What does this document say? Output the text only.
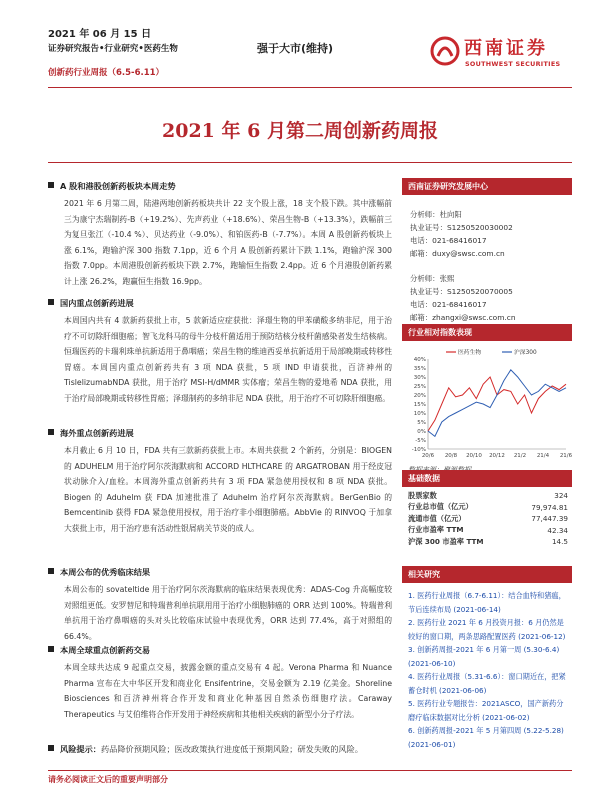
2021 年 06 月 15 日
证券研究报告•行业研究•医药生物
创新药行业周报（6.5-6.11）
强于大市(维持)	西南证券
SOUTHWEST SECURITIES
2021 年 6 月第二周创新药周报
A 股和港股创新药板块本周走势
2021 年 6 月第二周，陆港两地创新药板块共计 22 支个股上涨，18 支个股下跌。其中涨幅前三为康宁杰瑞制药-B（+19.2%）、先声药业（+18.6%）、荣昌生物-B（+13.3%），跌幅前三为复旦张江（-10.4 %）、贝达药业（-9.0%）、和铂医药-B（-7.7%）。本周 A 股创新药板块上涨 6.1%，跑输沪深 300 指数 7.1pp，近 6 个月 A 股创新药累计下跌 1.1%，跑输沪深 300 指数 7.0pp。本周港股创新药板块下跌 2.7%，跑输恒生指数 2.4pp。近 6 个月港股创新药累计上涨 26.2%，跑赢恒生指数 16.9pp。
国内重点创新药进展
本周国内共有 4 款新药获批上市，5 款新适应症获批：泽璟生物的甲苯磺酸多纳非尼，用于治疗不可切除肝细胞癌；智飞龙科马的母牛分枝杆菌适用于预防结核分枝杆菌感染者发生结核病。恒瑞医药的卡瑞利珠单抗新适用于鼻咽癌；荣昌生物的维迪西妥单抗新适用于局部晚期或转移性胃癌。本周国内重点创新药共有 3 项 NDA 获批，5 项 IND 申请获批，百济神州的 TislelizumabNDA 获批，用于治疗 MSI-H/dMMR 实体瘤；荣昌生物的爱地希 NDA 获批，用于治疗局部晚期或转移性胃癌；泽璟制药的多纳非尼 NDA 获批，用于治疗不可切除肝细胞癌。
海外重点创新药进展
本月截止 6 月 10 日，FDA 共有三款新药获批上市。本周共获批 2 个新药，分别是：BIOGEN 的 ADUHELM 用于治疗阿尔茨海默病和 ACCORD HLTHCARE 的 ARGATROBAN 用于经皮冠状动脉介入/血栓。本周海外重点创新药共有 3 项 FDA 紧急使用授权和 8 项 NDA 获批。Biogen 的 Aduhelm 获 FDA 加速批准了 Aduhelm 治疗阿尔茨海默病。BerGenBio 的 Bemcentinib 获得 FDA 紧急使用授权，用于治疗非小细胞肺癌。AbbVie 的 RINVOQ 于加拿大获批上市，用于治疗患有活动性银屑病关节炎的成人。
本周公布的优秀临床结果
本周公布的 sovateltide 用于治疗阿尔茨海默病的临床结果表现优秀：ADAS-Cog 升高幅度较对照组更低。安罗替尼和特瑞普利单抗联用用于治疗小细胞肺癌的 ORR 达到 100%。特瑞普利单抗用于治疗鼻咽癌的头对头比较临床试验中表现优秀，ORR 达到 77.4%，高于对照组的 66.4%。
本周全球重点创新药交易
本周全球共达成 9 起重点交易，披露金额的重点交易有 4 起。Verona Pharma 和 Nuance Pharma 宣布在大中华区开发和商业化 Ensifentrine，交易金额为 2.19 亿美金。Shoreline Biosciences 和百济神州将合作开发和商业化种基因自然杀伤细胞疗法。Caraway Therapeutics 与艾伯维将合作开发用于神经疾病和其他相关疾病的新型小分子疗法。
风险提示：药品降价预期风险；医改政策执行进度低于预期风险；研发失败的风险。
西南证券研究发展中心
分析师：杜向阳
执业证号：S1250520030002
电话：021-68416017
邮箱：duxy@swsc.com.cn
分析师：张熙
执业证号：S1250520070005
电话：021-68416017
邮箱：zhangxi@swsc.com.cn
行业相对指数表现
40%
35%
30%
25%
20%
15%
10%
5%
0%
-5%
-10%
20/6 20/8 20/10 20/12 21/2 21/4 21/6
医药生物	沪深300
基础数据
股票家数	324
行业总市值（亿元）	79,974.81
流通市值（亿元）	77,447.39
行业市盈率 TTM	42.34
沪深 300 市盈率 TTM	14.5
相关研究
1. 医药行业周报（6.7-6.11）：结合血特和猪瘟，节后连续布局 (2021-06-14)
2. 医药行业 2021 年 6 月投资月报：6 月仍然是较好的窗口期，两条思路配置医药 (2021-06-12)
3. 创新药周报-2021 年 6 月第一周 (5.30-6.4) (2021-06-10)
4. 医药行业周报（5.31-6.6）：窗口期近在，把紧蓄仓时机 (2021-06-06)
5. 医药行业专题报告：2021ASCO，国产新药分磨疗临床数据对比分析 (2021-06-02)
6. 创新药周报-2021 年 5 月第四周 (5.22-5.28) (2021-06-01)
请务必阅读正文后的重要声明部分
